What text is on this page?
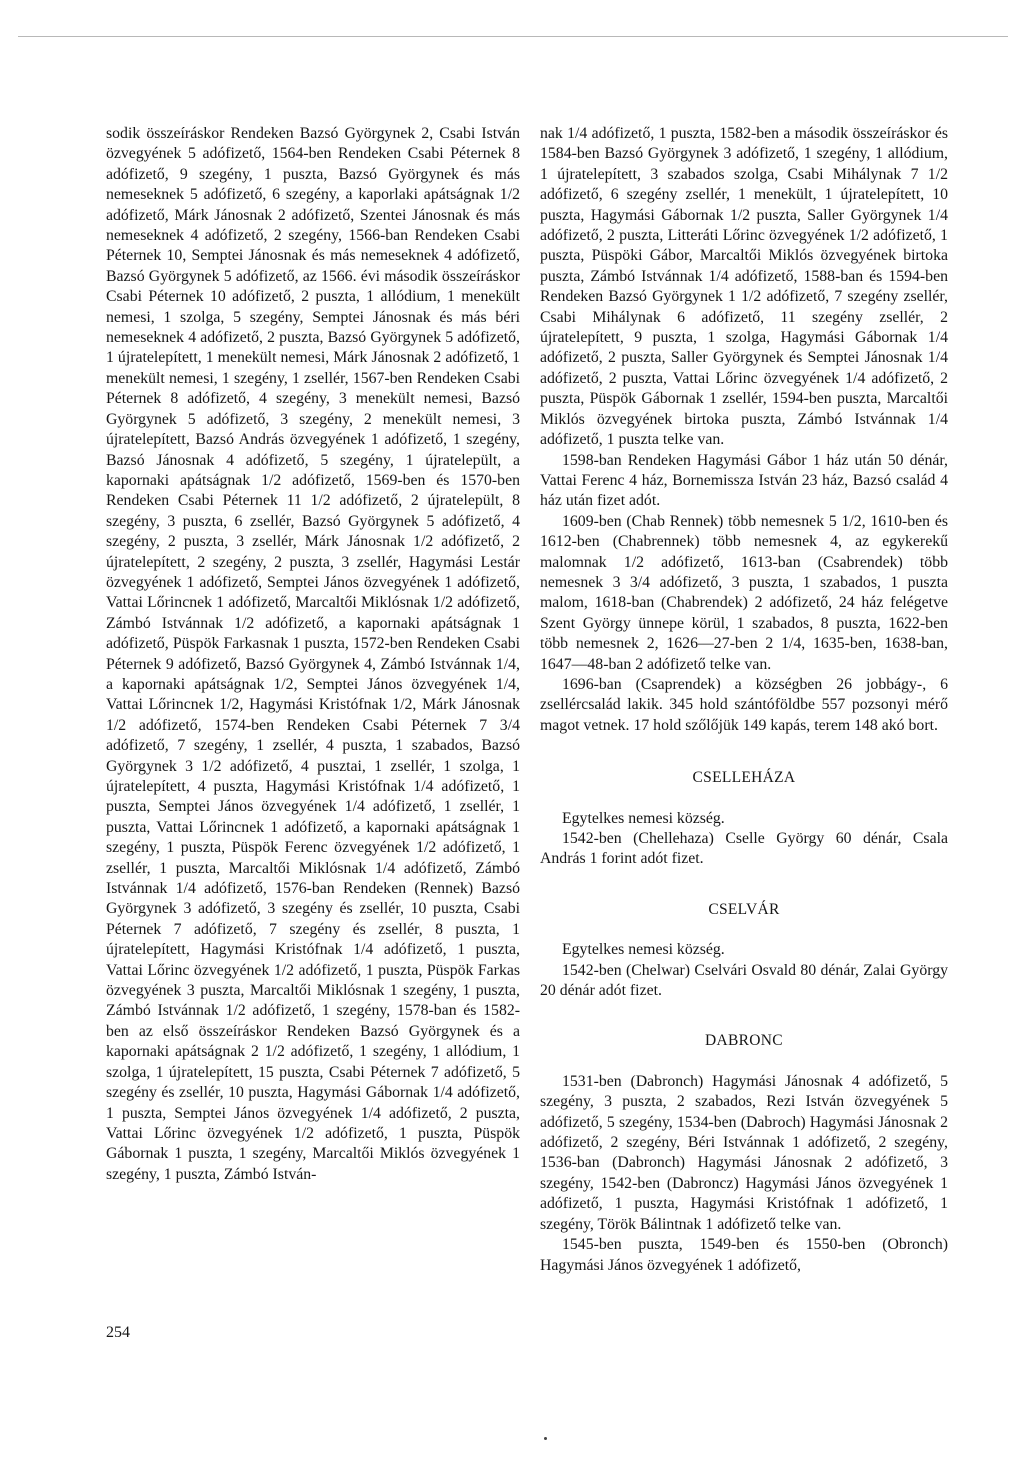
sodik összeíráskor Rendeken Bazsó Györgynek 2, Csabi István özvegyének 5 adófizető, 1564-ben Rendeken Csabi Péternek 8 adófizető, 9 szegény, 1 puszta, Bazsó Györgynek és más nemeseknek 5 adófizető, 6 szegény, a kaporlaki apátságnak 1/2 adófizető, Márk Jánosnak 2 adófizető, Szentei Jánosnak és más nemeseknek 4 adófizető, 2 szegény, 1566-ban Rendeken Csabi Péternek 10, Semptei Jánosnak és más nemeseknek 4 adófizető, Bazsó Györgynek 5 adófizető, az 1566. évi második összeíráskor Csabi Péternek 10 adófizető, 2 puszta, 1 allódium, 1 menekült nemesi, 1 szolga, 5 szegény, Semptei Jánosnak és más béri nemeseknek 4 adófizető, 2 puszta, Bazsó Györgynek 5 adófizető, 1 újratelepített, 1 menekült nemesi, Márk Jánosnak 2 adófizető, 1 menekült nemesi, 1 szegény, 1 zsellér, 1567-ben Rendeken Csabi Péternek 8 adófizető, 4 szegény, 3 menekült nemesi, Bazsó Györgynek 5 adófizető, 3 szegény, 2 menekült nemesi, 3 újratelepített, Bazsó András özvegyének 1 adófizető, 1 szegény, Bazsó Jánosnak 4 adófizető, 5 szegény, 1 újratelepült, a kapornaki apátságnak 1/2 adófizető, 1569-ben és 1570-ben Rendeken Csabi Péternek 11 1/2 adófizető, 2 újratelepült, 8 szegény, 3 puszta, 6 zsellér, Bazsó Györgynek 5 adófizető, 4 szegény, 2 puszta, 3 zsellér, Márk Jánosnak 1/2 adófizető, 2 újratelepített, 2 szegény, 2 puszta, 3 zsellér, Hagymási Lestár özvegyének 1 adófizető, Semptei János özvegyének 1 adófizető, Vattai Lőrincnek 1 adófizető, Marcaltői Miklósnak 1/2 adófizető, Zámbó Istvánnak 1/2 adófizető, a kapornaki apátságnak 1 adófizető, Püspök Farkasnak 1 puszta, 1572-ben Rendeken Csabi Péternek 9 adófizető, Bazsó Györgynek 4, Zámbó Istvánnak 1/4, a kapornaki apátságnak 1/2, Semptei János özvegyének 1/4, Vattai Lőrincnek 1/2, Hagymási Kristófnak 1/2, Márk Jánosnak 1/2 adófizető, 1574-ben Rendeken Csabi Péternek 7 3/4 adófizető, 7 szegény, 1 zsellér, 4 puszta, 1 szabados, Bazsó Györgynek 3 1/2 adófizető, 4 pusztai, 1 zsellér, 1 szolga, 1 újratelepített, 4 puszta, Hagymási Kristófnak 1/4 adófizető, 1 puszta, Semptei János özvegyének 1/4 adófizető, 1 zsellér, 1 puszta, Vattai Lőrincnek 1 adófizető, a kapornaki apátságnak 1 szegény, 1 puszta, Püspök Ferenc özvegyének 1/2 adófizető, 1 zsellér, 1 puszta, Marcaltői Miklósnak 1/4 adófizető, Zámbó Istvánnak 1/4 adófizető, 1576-ban Rendeken (Rennek) Bazsó Györgynek 3 adófizető, 3 szegény és zsellér, 10 puszta, Csabi Péternek 7 adófizető, 7 szegény és zsellér, 8 puszta, 1 újratelepített, Hagymási Kristófnak 1/4 adófizető, 1 puszta, Vattai Lőrinc özvegyének 1/2 adófizető, 1 puszta, Püspök Farkas özvegyének 3 puszta, Marcaltői Miklósnak 1 szegény, 1 puszta, Zámbó Istvánnak 1/2 adófizető, 1 szegény, 1578-ban és 1582-ben az első összeíráskor Rendeken Bazsó Györgynek és a kapornaki apátságnak 2 1/2 adófizető, 1 szegény, 1 allódium, 1 szolga, 1 újratelepített, 15 puszta, Csabi Péternek 7 adófizető, 5 szegény és zsellér, 10 puszta, Hagymási Gábornak 1/4 adófizető, 1 puszta, Semptei János özvegyének 1/4 adófizető, 2 puszta, Vattai Lőrinc özvegyének 1/2 adófizető, 1 puszta, Püspök Gábornak 1 puszta, 1 szegény, Marcaltői Miklós özvegyének 1 szegény, 1 puszta, Zámbó István-

nak 1/4 adófizető, 1 puszta, 1582-ben a második összeíráskor és 1584-ben Bazsó Györgynek 3 adófizető, 1 szegény, 1 allódium, 1 újratelepített, 3 szabados szolga, Csabi Mihálynak 7 1/2 adófizető, 6 szegény zsellér, 1 menekült, 1 újratelepített, 10 puszta, Hagymási Gábornak 1/2 puszta, Saller Györgynek 1/4 adófizető, 2 puszta, Litteráti Lőrinc özvegyének 1/2 adófizető, 1 puszta, Püspöki Gábor, Marcaltői Miklós özvegyének birtoka puszta, Zámbó Istvánnak 1/4 adófizető, 1588-ban és 1594-ben Rendeken Bazsó Györgynek 1 1/2 adófizető, 7 szegény zsellér, Csabi Mihálynak 6 adófizető, 11 szegény zsellér, 2 újratelepített, 9 puszta, 1 szolga, Hagymási Gábornak 1/4 adófizető, 2 puszta, Saller Györgynek és Semptei Jánosnak 1/4 adófizető, 2 puszta, Vattai Lőrinc özvegyének 1/4 adófizető, 2 puszta, Püspök Gábornak 1 zsellér, 1594-ben puszta, Marcaltői Miklós özvegyének birtoka puszta, Zámbó Istvánnak 1/4 adófizető, 1 puszta telke van.

1598-ban Rendeken Hagymási Gábor 1 ház után 50 dénár, Vattai Ferenc 4 ház, Bornemissza István 23 ház, Bazsó család 4 ház után fizet adót.

1609-ben (Chab Rennek) több nemesnek 5 1/2, 1610-ben és 1612-ben (Chabrennek) több nemesnek 4, az egykerekű malomnak 1/2 adófizető, 1613-ban (Csabrendek) több nemesnek 3 3/4 adófizető, 3 puszta, 1 szabados, 1 puszta malom, 1618-ban (Chabrendek) 2 adófizető, 24 ház felégetve Szent György ünnepe körül, 1 szabados, 8 puszta, 1622-ben több nemesnek 2, 1626—27-ben 2 1/4, 1635-ben, 1638-ban, 1647—48-ban 2 adófizető telke van.

1696-ban (Csaprendek) a községben 26 jobbágy-, 6 zsellércsalád lakik. 345 hold szántóföldbe 557 pozsonyi mérő magot vetnek. 17 hold szőlőjük 149 kapás, terem 148 akó bort.

CSELLEHÁZA

Egytelkes nemesi község.

1542-ben (Chellehaza) Cselle György 60 dénár, Csala András 1 forint adót fizet.

CSELVÁR

Egytelkes nemesi község.

1542-ben (Chelwar) Cselvári Osvald 80 dénár, Zalai György 20 dénár adót fizet.

DABRONC

1531-ben (Dabronch) Hagymási Jánosnak 4 adófizető, 5 szegény, 3 puszta, 2 szabados, Rezi István özvegyének 5 adófizető, 5 szegény, 1534-ben (Dabroch) Hagymási Jánosnak 2 adófizető, 2 szegény, Béri Istvánnak 1 adófizető, 2 szegény, 1536-ban (Dabronch) Hagymási Jánosnak 2 adófizető, 3 szegény, 1542-ben (Dabroncz) Hagymási János özvegyének 1 adófizető, 1 puszta, Hagymási Kristófnak 1 adófizető, 1 szegény, Török Bálintnak 1 adófizető telke van.

1545-ben puszta, 1549-ben és 1550-ben (Obronch) Hagymási János özvegyének 1 adófizető,

254
